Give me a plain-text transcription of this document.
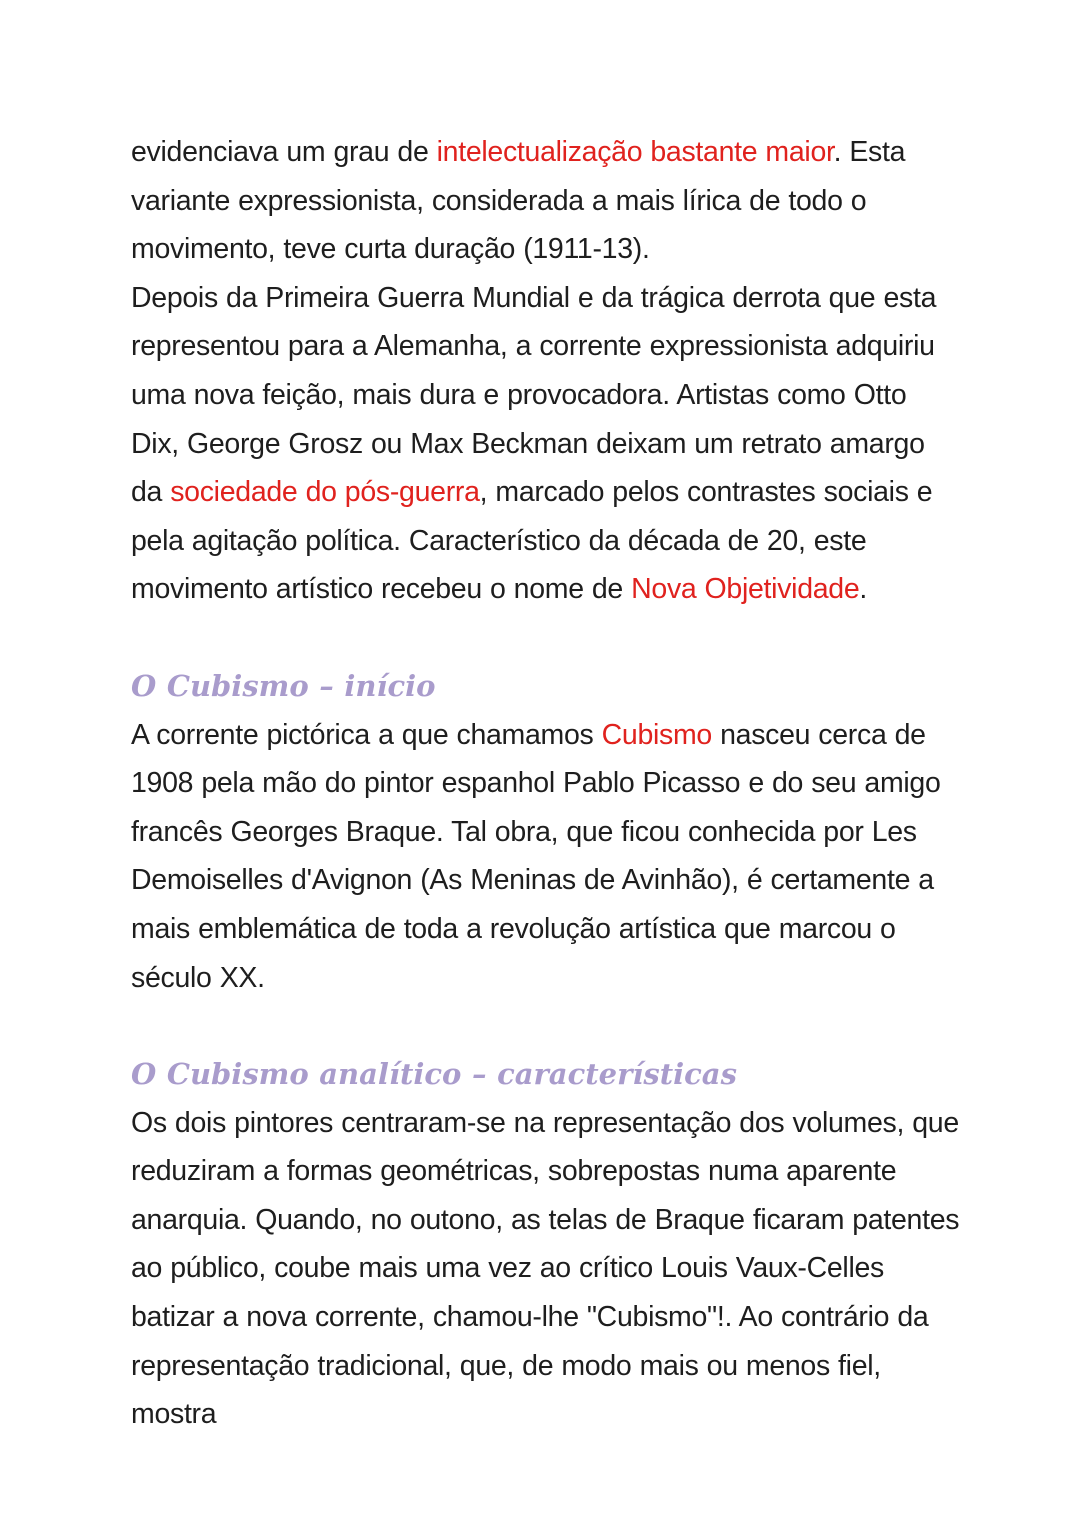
evidenciava um grau de intelectualização bastante maior. Esta variante expressionista, considerada a mais lírica de todo o movimento, teve curta duração (1911-13).

Depois da Primeira Guerra Mundial e da trágica derrota que esta representou para a Alemanha, a corrente expressionista adquiriu uma nova feição, mais dura e provocadora. Artistas como Otto Dix, George Grosz ou Max Beckman deixam um retrato amargo da sociedade do pós-guerra, marcado pelos contrastes sociais e pela agitação política. Característico da década de 20, este movimento artístico recebeu o nome de Nova Objetividade.

O Cubismo – início

A corrente pictórica a que chamamos Cubismo nasceu cerca de 1908 pela mão do pintor espanhol Pablo Picasso e do seu amigo francês Georges Braque. Tal obra, que ficou conhecida por Les Demoiselles d'Avignon (As Meninas de Avinhão), é certamente a mais emblemática de toda a revolução artística que marcou o século XX.

O Cubismo analítico – características

Os dois pintores centraram-se na representação dos volumes, que reduziram a formas geométricas, sobrepostas numa aparente anarquia. Quando, no outono, as telas de Braque ficaram patentes ao público, coube mais uma vez ao crítico Louis Vaux-Celles batizar a nova corrente, chamou-lhe "Cubismo"!. Ao contrário da representação tradicional, que, de modo mais ou menos fiel, mostra
